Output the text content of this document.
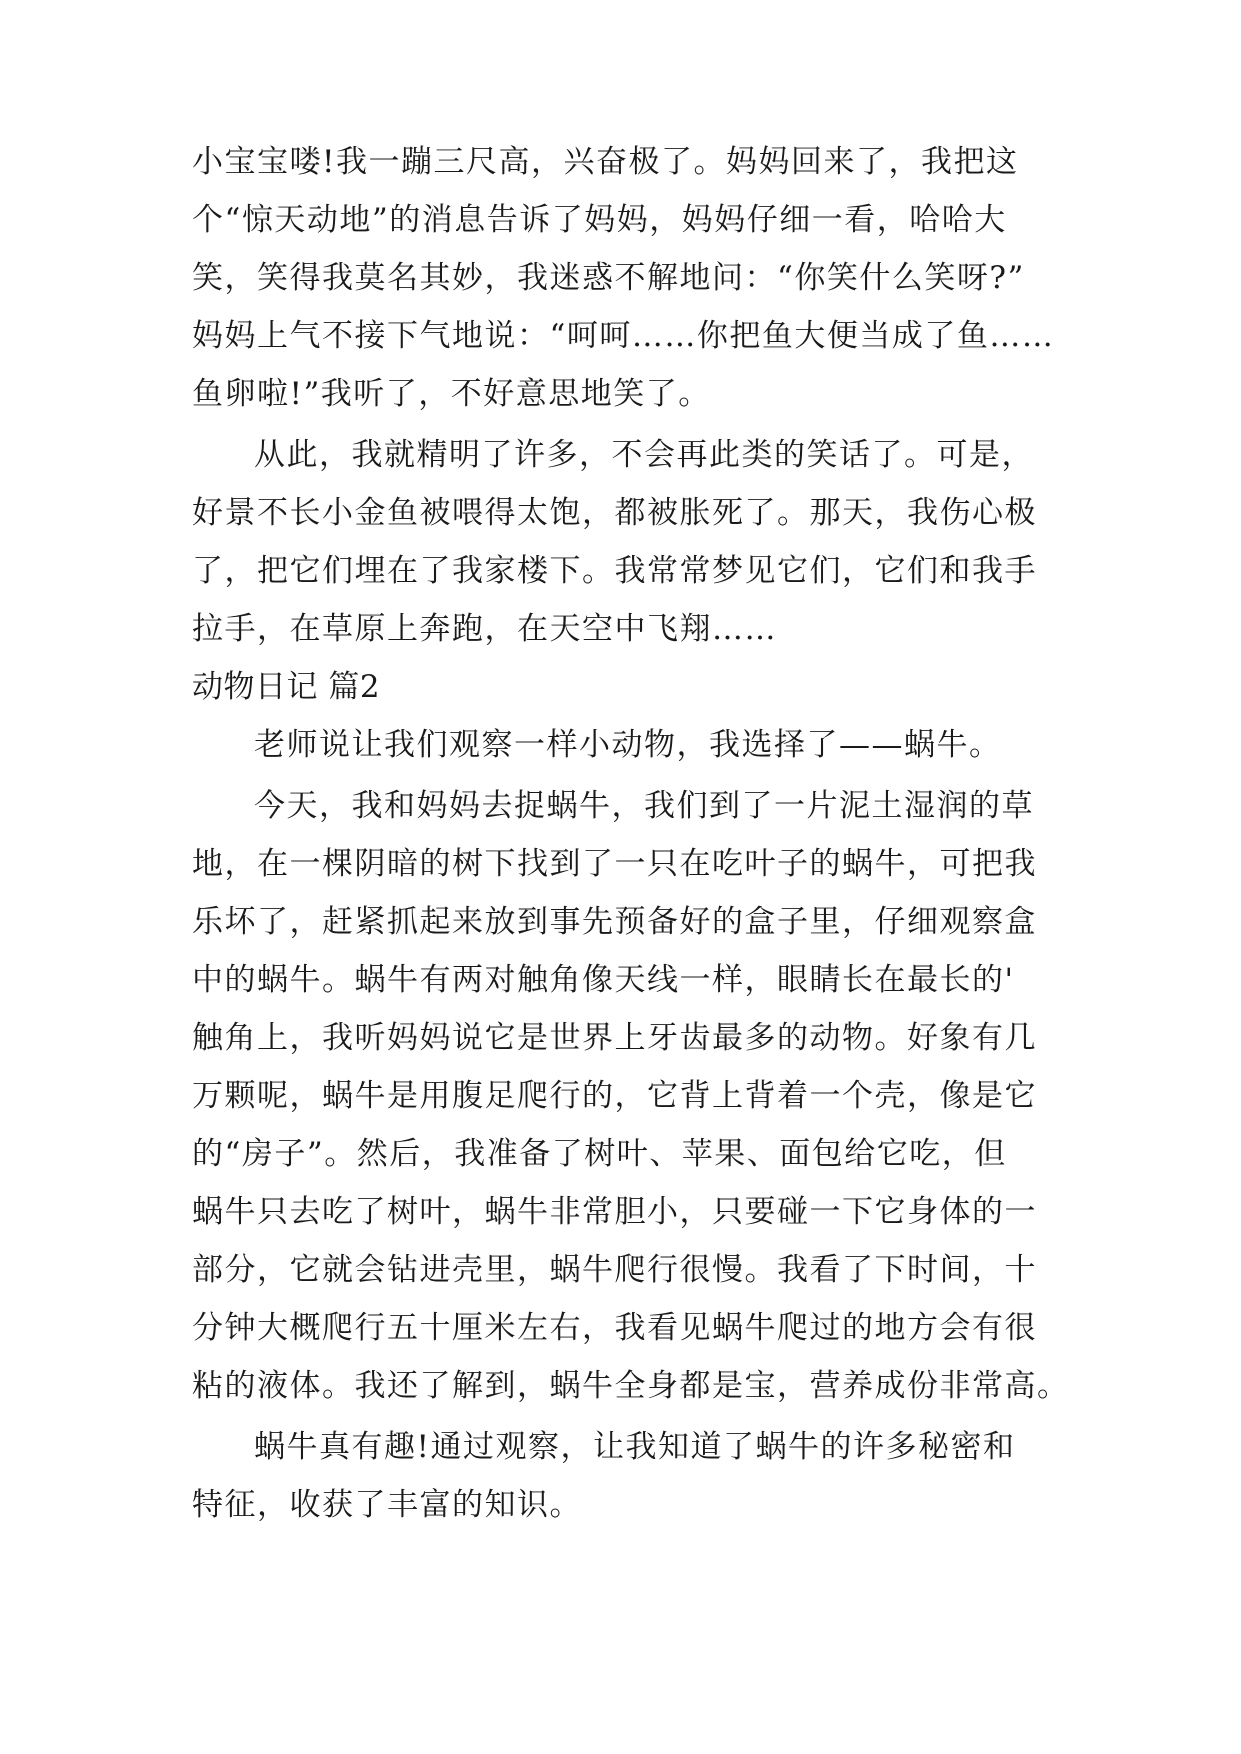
小宝宝喽!我一蹦三尺高，兴奋极了。妈妈回来了，我把这
个“惊天动地”的消息告诉了妈妈，妈妈仔细一看，哈哈大
笑，笑得我莫名其妙，我迷惑不解地问：“你笑什么笑呀?”
妈妈上气不接下气地说：“呵呵……你把鱼大便当成了鱼……
鱼卵啦!”我听了，不好意思地笑了。
从此，我就精明了许多，不会再此类的笑话了。可是，
好景不长小金鱼被喂得太饱，都被胀死了。那天，我伤心极
了，把它们埋在了我家楼下。我常常梦见它们，它们和我手
拉手，在草原上奔跑，在天空中飞翔……
动物日记 篇2
老师说让我们观察一样小动物，我选择了——蜗牛。
今天，我和妈妈去捉蜗牛，我们到了一片泥土湿润的草
地，在一棵阴暗的树下找到了一只在吃叶子的蜗牛，可把我
乐坏了，赶紧抓起来放到事先预备好的盒子里，仔细观察盒
中的蜗牛。蜗牛有两对触角像天线一样，眼睛长在最长的'
触角上，我听妈妈说它是世界上牙齿最多的动物。好象有几
万颗呢，蜗牛是用腹足爬行的，它背上背着一个壳，像是它
的“房子”。然后，我准备了树叶、苹果、面包给它吃，但
蜗牛只去吃了树叶，蜗牛非常胆小，只要碰一下它身体的一
部分，它就会钻进壳里，蜗牛爬行很慢。我看了下时间，十
分钟大概爬行五十厘米左右，我看见蜗牛爬过的地方会有很
粘的液体。我还了解到，蜗牛全身都是宝，营养成份非常高。
蜗牛真有趣!通过观察，让我知道了蜗牛的许多秘密和
特征，收获了丰富的知识。
